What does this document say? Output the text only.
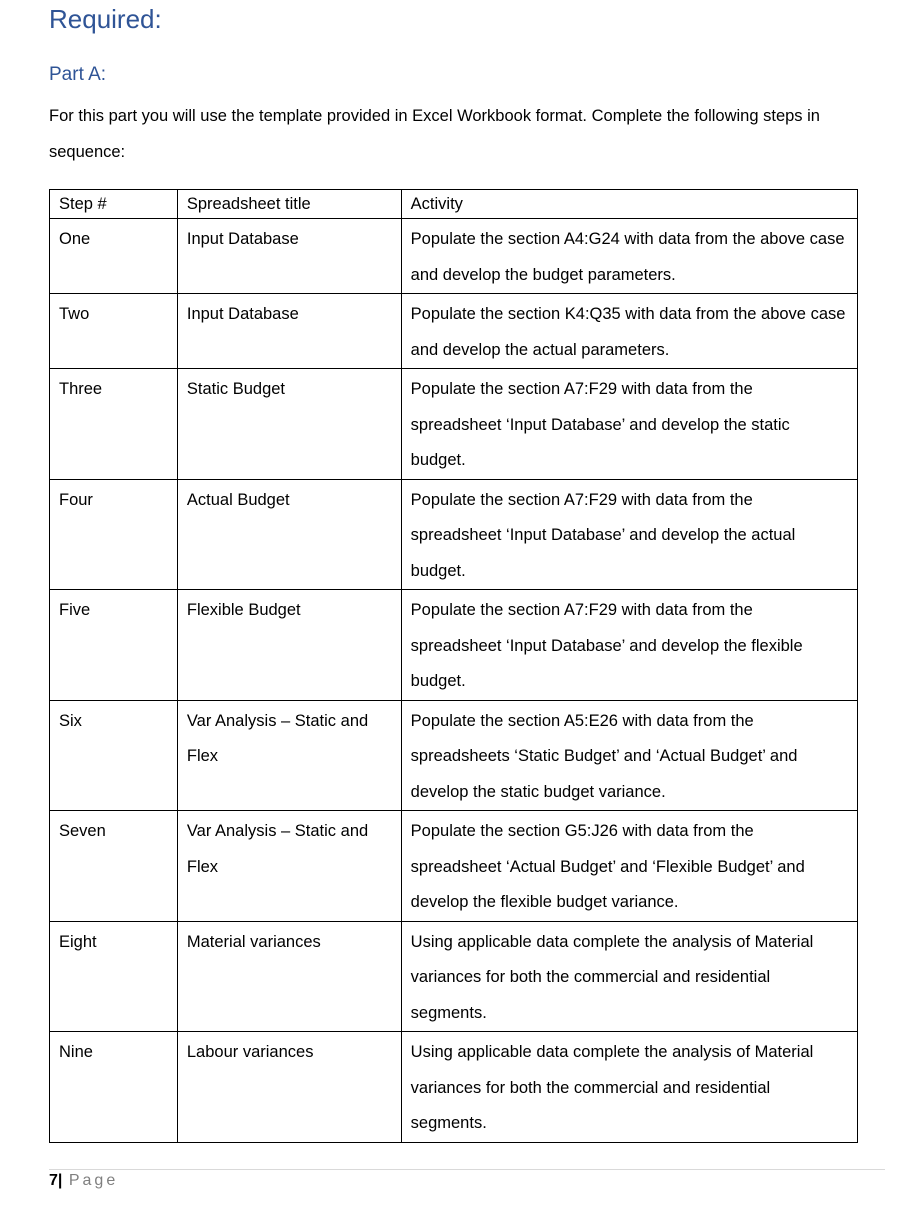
Required:
Part A:

For this part you will use the template provided in Excel Workbook format. Complete the following steps in sequence:

Step #	Spreadsheet title	Activity
One	Input Database	Populate the section A4:G24 with data from the above case and develop the budget parameters.
Two	Input Database	Populate the section K4:Q35 with data from the above case and develop the actual parameters.
Three	Static Budget	Populate the section A7:F29 with data from the spreadsheet ‘Input Database’ and develop the static budget.
Four	Actual Budget	Populate the section A7:F29 with data from the spreadsheet ‘Input Database’ and develop the actual budget.
Five	Flexible Budget	Populate the section A7:F29 with data from the spreadsheet ‘Input Database’ and develop the flexible budget.
Six	Var Analysis – Static and Flex	Populate the section A5:E26 with data from the spreadsheets ‘Static Budget’ and ‘Actual Budget’ and develop the static budget variance.
Seven	Var Analysis – Static and Flex	Populate the section G5:J26 with data from the spreadsheet ‘Actual Budget’ and ‘Flexible Budget’ and develop the flexible budget variance.
Eight	Material variances	Using applicable data complete the analysis of Material variances for both the commercial and residential segments.
Nine	Labour variances	Using applicable data complete the analysis of Material variances for both the commercial and residential segments.
7| Page
